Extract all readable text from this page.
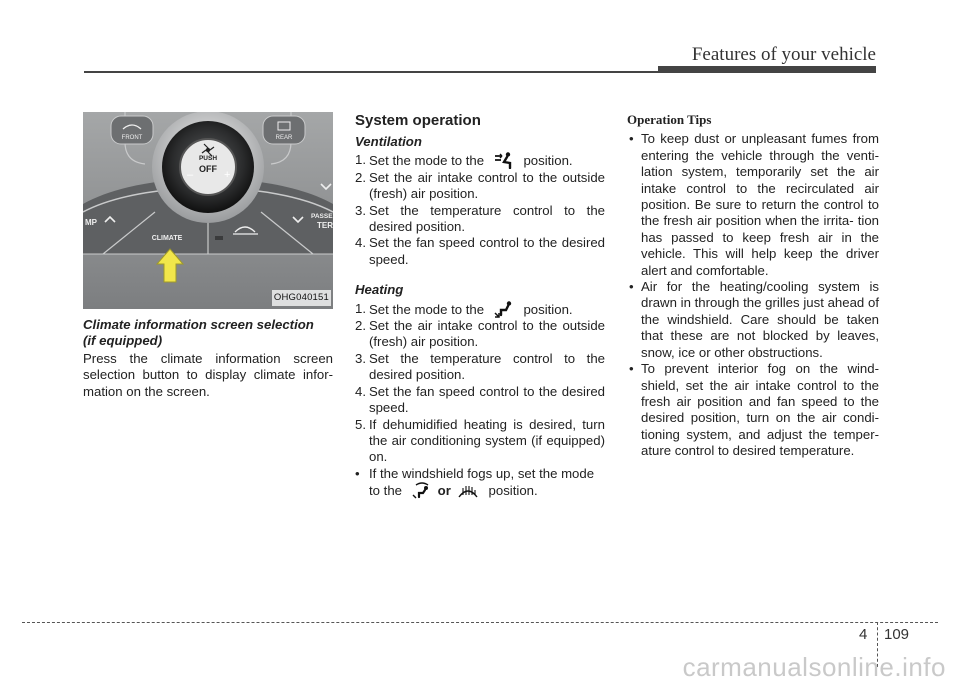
Features of your vehicle
PUSH
OFF
–	+
FRONT	REAR
MP
PASSE
TER
CLIMATE
OHG040151
Climate information screen selection
(if equipped)
Press the climate information screen selection button to display climate infor- mation on the screen.
System operation
Ventilation
1. Set the mode to the	position.
2. Set the air intake control to the outside (fresh) air position.
3. Set the temperature control to the desired position.
4. Set the fan speed control to the desired speed.
Heating
1. Set the mode to the	position.
2. Set the air intake control to the outside (fresh) air position.
3. Set the temperature control to the desired position.
4. Set the fan speed control to the desired speed.
5. If dehumidified heating is desired, turn the air conditioning system (if equipped) on.
• If the windshield fogs up, set the mode
to the	or	position.
Operation Tips
• To keep dust or unpleasant fumes from entering the vehicle through the venti- lation system, temporarily set the air intake control to the recirculated air position. Be sure to return the control to the fresh air position when the irrita- tion has passed to keep fresh air in the vehicle. This will help keep the driver alert and comfortable.
• Air for the heating/cooling system is drawn in through the grilles just ahead of the windshield. Care should be taken that these are not blocked by leaves, snow, ice or other obstructions.
• To prevent interior fog on the wind- shield, set the air intake control to the fresh air position and fan speed to the desired position, turn on the air condi- tioning system, and adjust the temper- ature control to desired temperature.
4 109
carmanualsonline.info
